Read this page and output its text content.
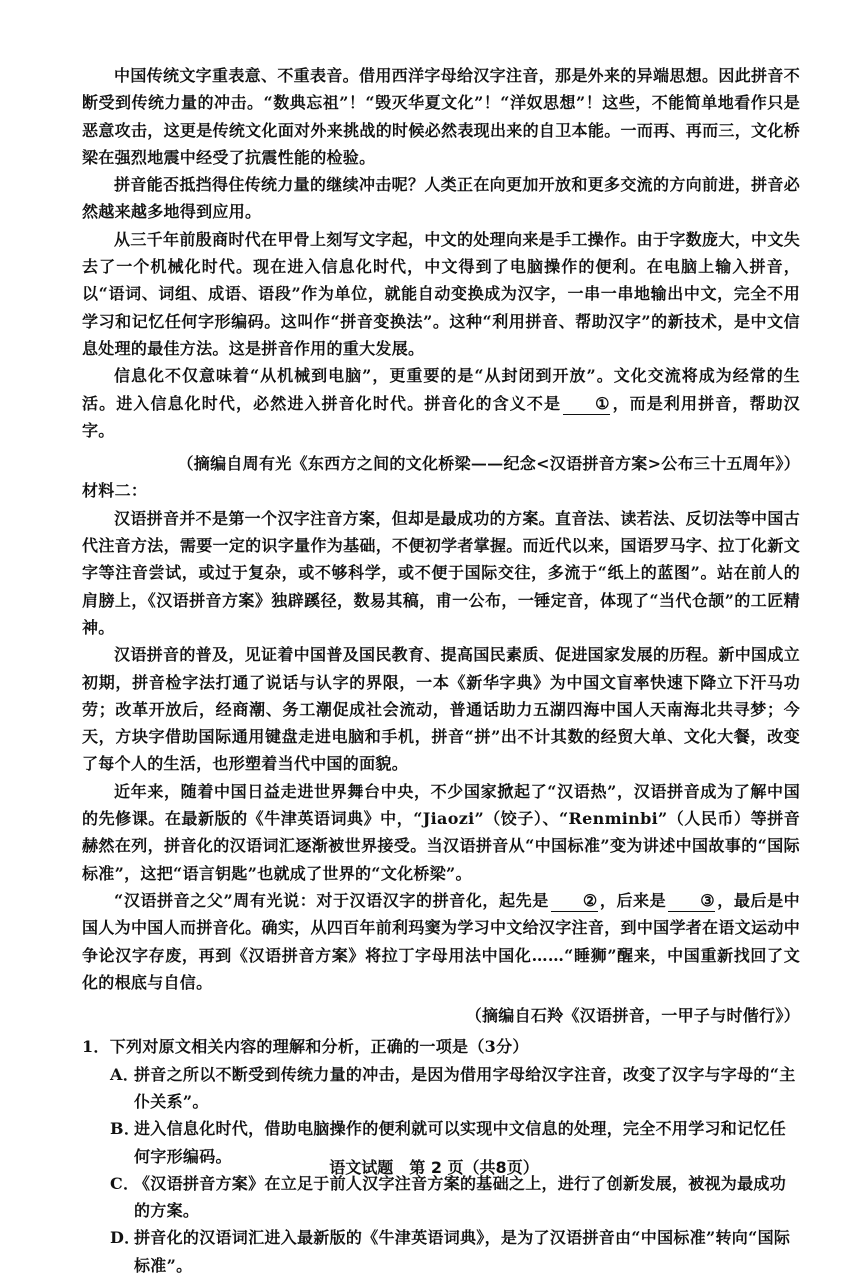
中国传统文字重表意、不重表音。借用西洋字母给汉字注音，那是外来的异端思想。因此拼音不断受到传统力量的冲击。“数典忘祖”！“毁灭华夏文化”！“洋奴思想”！这些，不能简单地看作只是恶意攻击，这更是传统文化面对外来挑战的时候必然表现出来的自卫本能。一而再、再而三，文化桥梁在强烈地震中经受了抗震性能的检验。

拼音能否抵挡得住传统力量的继续冲击呢？人类正在向更加开放和更多交流的方向前进，拼音必然越来越多地得到应用。

从三千年前殷商时代在甲骨上刻写文字起，中文的处理向来是手工操作。由于字数庞大，中文失去了一个机械化时代。现在进入信息化时代，中文得到了电脑操作的便利。在电脑上输入拼音，以“语词、词组、成语、语段”作为单位，就能自动变换成为汉字，一串一串地输出中文，完全不用学习和记忆任何字形编码。这叫作“拼音变换法”。这种“利用拼音、帮助汉字”的新技术，是中文信息处理的最佳方法。这是拼音作用的重大发展。

信息化不仅意味着“从机械到电脑”，更重要的是“从封闭到开放”。文化交流将成为经常的生活。进入信息化时代，必然进入拼音化时代。拼音化的含义不是 ① ，而是利用拼音，帮助汉字。

（摘编自周有光《东西方之间的文化桥梁——纪念<汉语拼音方案>公布三十五周年》）

材料二：

汉语拼音并不是第一个汉字注音方案，但却是最成功的方案。直音法、读若法、反切法等中国古代注音方法，需要一定的识字量作为基础，不便初学者掌握。而近代以来，国语罗马字、拉丁化新文字等注音尝试，或过于复杂，或不够科学，或不便于国际交往，多流于“纸上的蓝图”。站在前人的肩膀上，《汉语拼音方案》独辟蹊径，数易其稿，甫一公布，一锤定音，体现了“当代仓颉”的工匠精神。

汉语拼音的普及，见证着中国普及国民教育、提高国民素质、促进国家发展的历程。新中国成立初期，拼音检字法打通了说话与认字的界限，一本《新华字典》为中国文盲率快速下降立下汗马功劳；改革开放后，经商潮、务工潮促成社会流动，普通话助力五湖四海中国人天南海北共寻梦；今天，方块字借助国际通用键盘走进电脑和手机，拼音“拼”出不计其数的经贸大单、文化大餐，改变了每个人的生活，也形塑着当代中国的面貌。

近年来，随着中国日益走进世界舞台中央，不少国家掀起了“汉语热”，汉语拼音成为了解中国的先修课。在最新版的《牛津英语词典》中，“Jiaozi”（饺子）、“Renminbi”（人民币）等拼音赫然在列，拼音化的汉语词汇逐渐被世界接受。当汉语拼音从“中国标准”变为讲述中国故事的“国际标准”，这把“语言钥匙”也就成了世界的“文化桥梁”。

“汉语拼音之父”周有光说：对于汉语汉字的拼音化，起先是 ② ，后来是 ③ ，最后是中国人为中国人而拼音化。确实，从四百年前利玛窦为学习中文给汉字注音，到中国学者在语文运动中争论汉字存废，再到《汉语拼音方案》将拉丁字母用法中国化……“睡狮”醒来，中国重新找回了文化的根底与自信。

（摘编自石羚《汉语拼音，一甲子与时偕行》）

1．下列对原文相关内容的理解和分析，正确的一项是（3分）

A．拼音之所以不断受到传统力量的冲击，是因为借用字母给汉字注音，改变了汉字与字母的“主仆关系”。

B．进入信息化时代，借助电脑操作的便利就可以实现中文信息的处理，完全不用学习和记忆任何字形编码。

C．《汉语拼音方案》在立足于前人汉字注音方案的基础之上，进行了创新发展，被视为最成功的方案。

D．拼音化的汉语词汇进入最新版的《牛津英语词典》，是为了汉语拼音由“中国标准”转向“国际标准”。

语文试题　第 2 页（共8页）
